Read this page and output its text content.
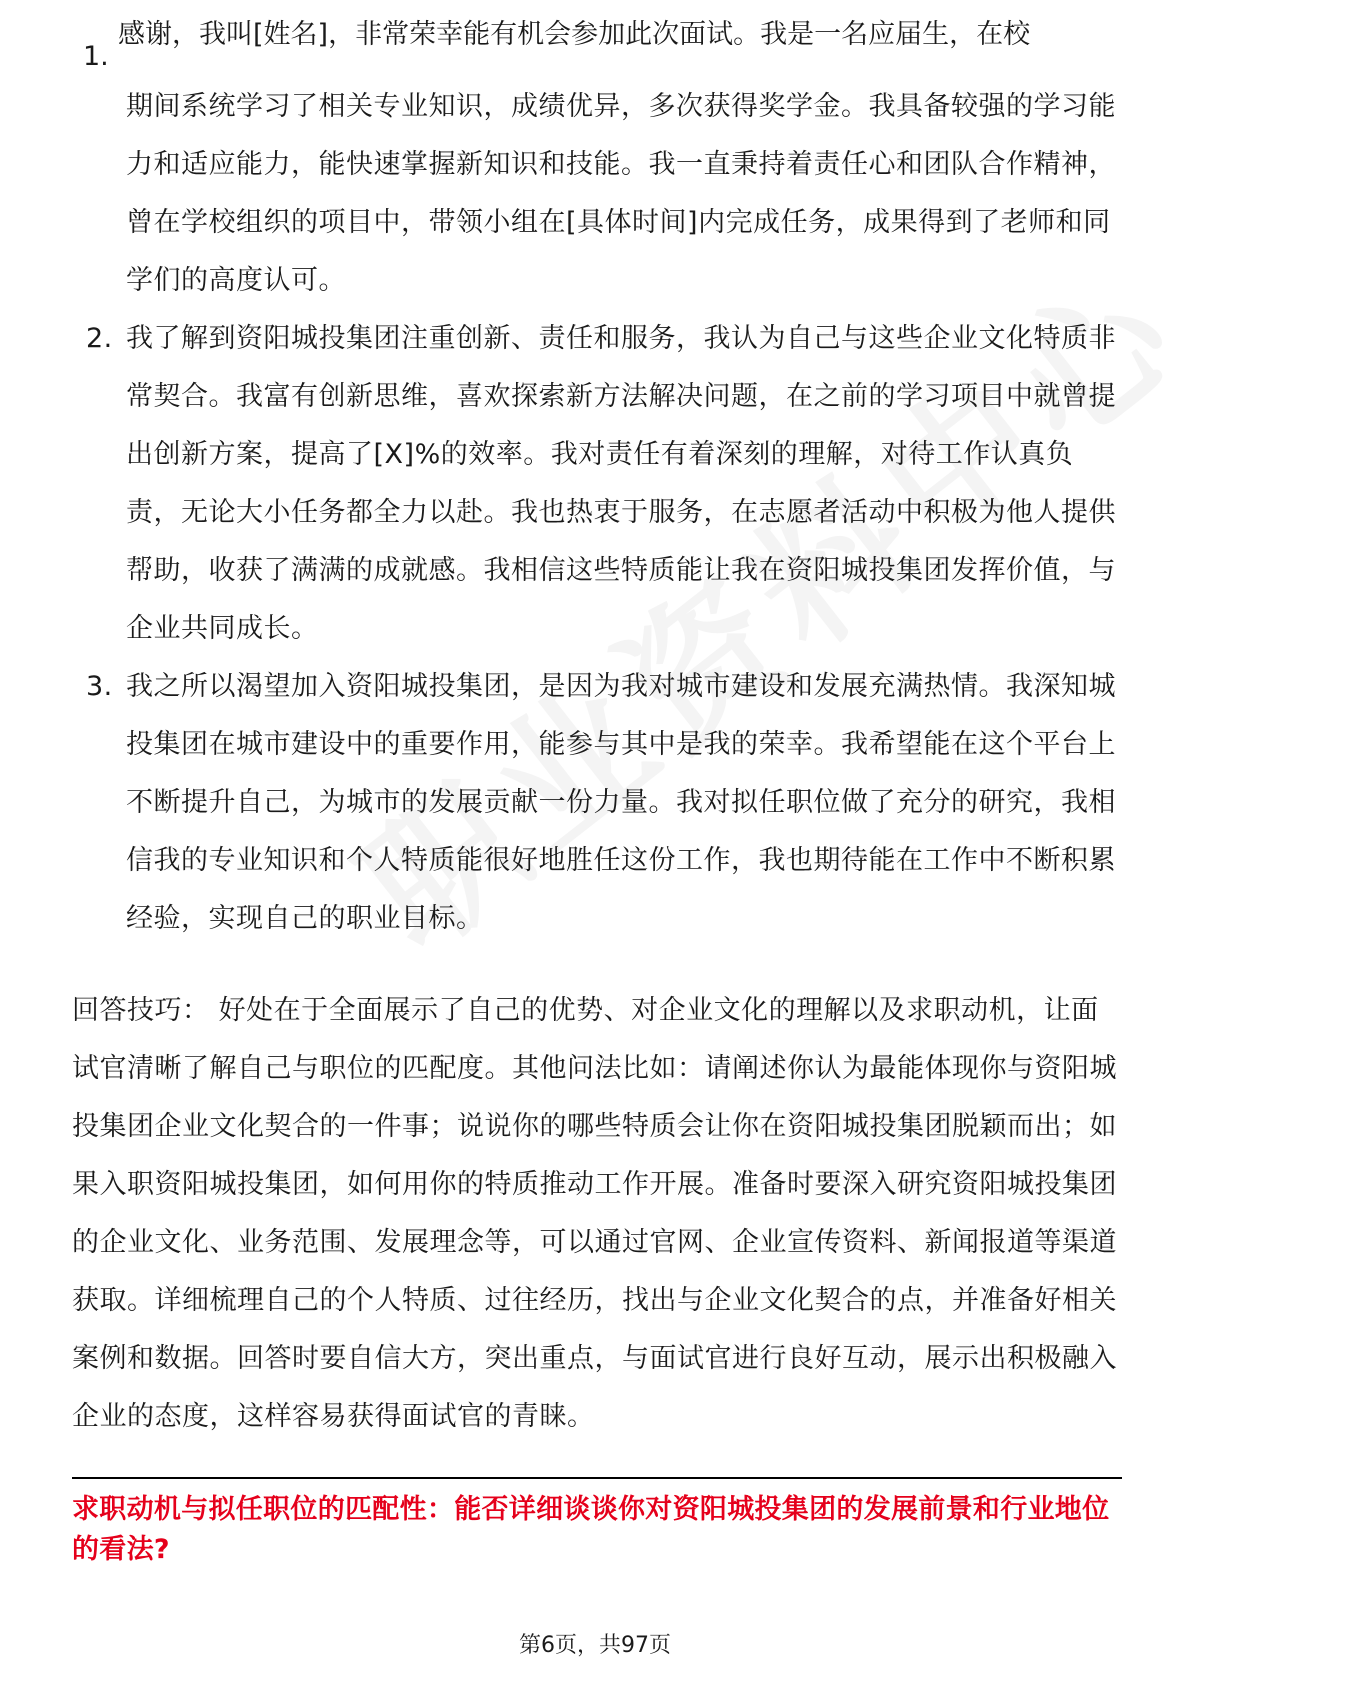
1.
感谢，我叫[姓名]，非常荣幸能有机会参加此次面试。我是一名应届生，在校
期间系统学习了相关专业知识，成绩优异，多次获得奖学金。我具备较强的学习能力和适应能力，能快速掌握新知识和技能。我一直秉持着责任心和团队合作精神，曾在学校组织的项目中，带领小组在[具体时间]内完成任务，成果得到了老师和同学们的高度认可。
2. 我了解到资阳城投集团注重创新、责任和服务，我认为自己与这些企业文化特质非常契合。我富有创新思维，喜欢探索新方法解决问题，在之前的学习项目中就曾提出创新方案，提高了[X]%的效率。我对责任有着深刻的理解，对待工作认真负责，无论大小任务都全力以赴。我也热衷于服务，在志愿者活动中积极为他人提供帮助，收获了满满的成就感。我相信这些特质能让我在资阳城投集团发挥价值，与企业共同成长。
3. 我之所以渴望加入资阳城投集团，是因为我对城市建设和发展充满热情。我深知城投集团在城市建设中的重要作用，能参与其中是我的荣幸。我希望能在这个平台上不断提升自己，为城市的发展贡献一份力量。我对拟任职位做了充分的研究，我相信我的专业知识和个人特质能很好地胜任这份工作，我也期待能在工作中不断积累经验，实现自己的职业目标。
回答技巧： 好处在于全面展示了自己的优势、对企业文化的理解以及求职动机，让面试官清晰了解自己与职位的匹配度。其他问法比如：请阐述你认为最能体现你与资阳城投集团企业文化契合的一件事；说说你的哪些特质会让你在资阳城投集团脱颖而出；如果入职资阳城投集团，如何用你的特质推动工作开展。准备时要深入研究资阳城投集团的企业文化、业务范围、发展理念等，可以通过官网、企业宣传资料、新闻报道等渠道获取。详细梳理自己的个人特质、过往经历，找出与企业文化契合的点，并准备好相关案例和数据。回答时要自信大方，突出重点，与面试官进行良好互动，展示出积极融入企业的态度，这样容易获得面试官的青睐。
求职动机与拟任职位的匹配性：能否详细谈谈你对资阳城投集团的发展前景和行业地位的看法?
第6页，共97页
